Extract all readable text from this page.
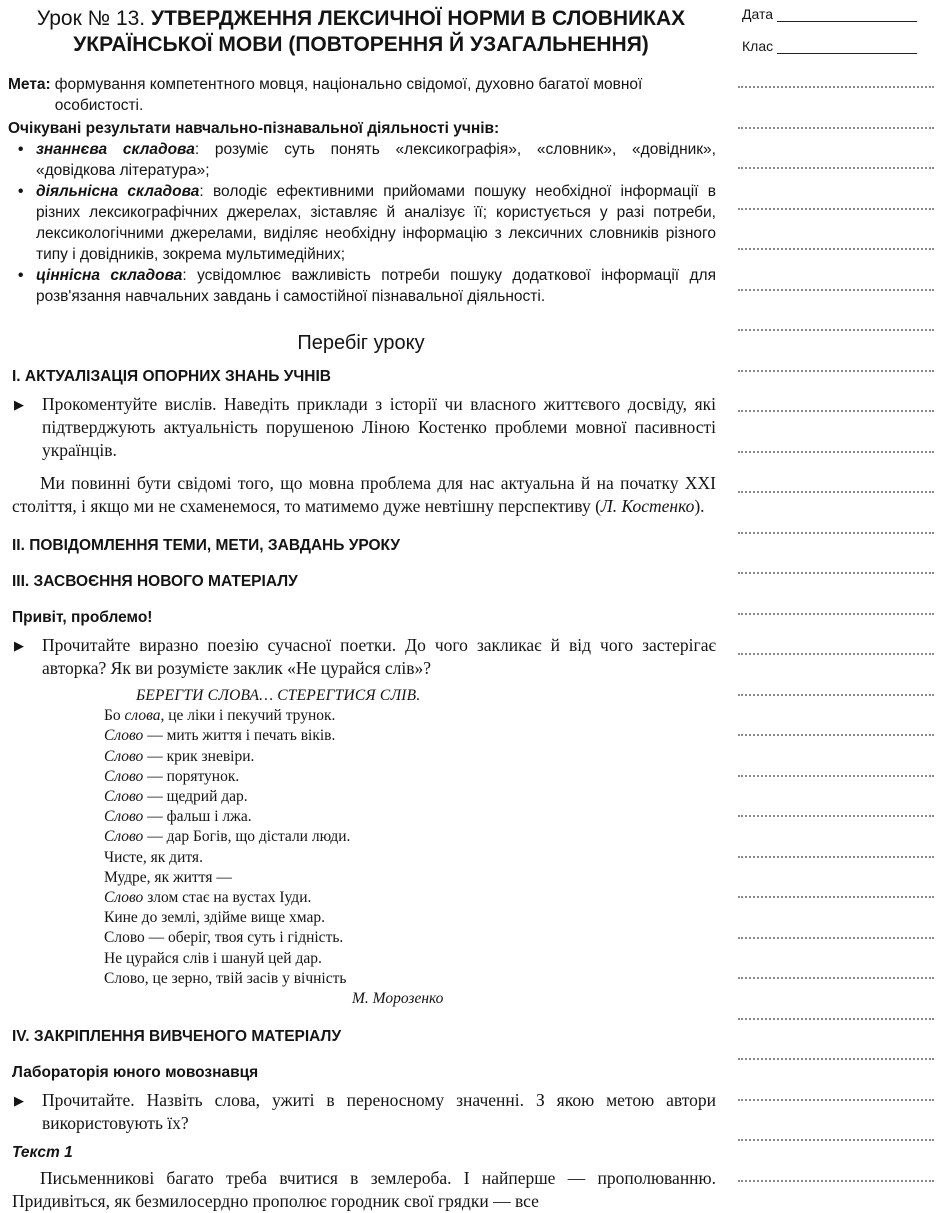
Урок № 13. УТВЕРДЖЕННЯ ЛЕКСИЧНОЇ НОРМИ В СЛОВНИКАХ
УКРАЇНСЬКОЇ МОВИ (ПОВТОРЕННЯ Й УЗАГАЛЬНЕННЯ)
Мета: формування компетентного мовця, національно свідомої, духовно багатої мовної особистості.
Очікувані результати навчально-пізнавальної діяльності учнів:
• знаннєва складова: розуміє суть понять «лексикографія», «словник», «довідник», «довідкова література»;
• діяльнісна складова: володіє ефективними прийомами пошуку необхідної інформації в різних лексикографічних джерелах, зіставляє й аналізує її; користується у разі потреби, лексикологічними джерелами, виділяє необхідну інформацію з лексичних словників різного типу і довідників, зокрема мультимедійних;
• ціннісна складова: усвідомлює важливість потреби пошуку додаткової інформації для розв'язання навчальних завдань і самостійної пізнавальної діяльності.
Перебіг уроку
I. АКТУАЛІЗАЦІЯ ОПОРНИХ ЗНАНЬ УЧНІВ
▶ Прокоментуйте вислів. Наведіть приклади з історії чи власного життєвого досвіду, які підтверджують актуальність порушеною Ліною Костенко проблеми мовної пасивності українців.
Ми повинні бути свідомі того, що мовна проблема для нас актуальна й на початку XXI століття, і якщо ми не схаменемося, то матимемо дуже невтішну перспективу (Л. Костенко).
II. ПОВІДОМЛЕННЯ ТЕМИ, МЕТИ, ЗАВДАНЬ УРОКУ
III. ЗАСВОЄННЯ НОВОГО МАТЕРІАЛУ
Привіт, проблемо!
▶ Прочитайте виразно поезію сучасної поетки. До чого закликає й від чого застерігає авторка? Як ви розумієте заклик «Не цурайся слів»?
БЕРЕГТИ СЛОВА… СТЕРЕГТИСЯ СЛІВ.
Бо слова, це ліки і пекучий трунок.
Слово — мить життя і печать віків.
Слово — крик зневіри.
Слово — порятунок.
Слово — щедрий дар.
Слово — фальш і лжа.
Слово — дар Богів, що дістали люди.
Чисте, як дитя.
Мудре, як життя —
Слово злом стає на вустах Іуди.
Кине до землі, здійме вище хмар.
Слово — оберіг, твоя суть і гідність.
Не цурайся слів і шануй цей дар.
Слово, це зерно, твій засів у вічність
М. Морозенко
IV. ЗАКРІПЛЕННЯ ВИВЧЕНОГО МАТЕРІАЛУ
Лабораторія юного мовознавця
▶ Прочитайте. Назвіть слова, ужиті в переносному значенні. З якою метою автори використовують їх?
Текст 1
Письменникові багато треба вчитися в землероба. І найперше — прополюванню. Придивіться, як безмилосердно прополює городник свої грядки — все
Дата
Клас
